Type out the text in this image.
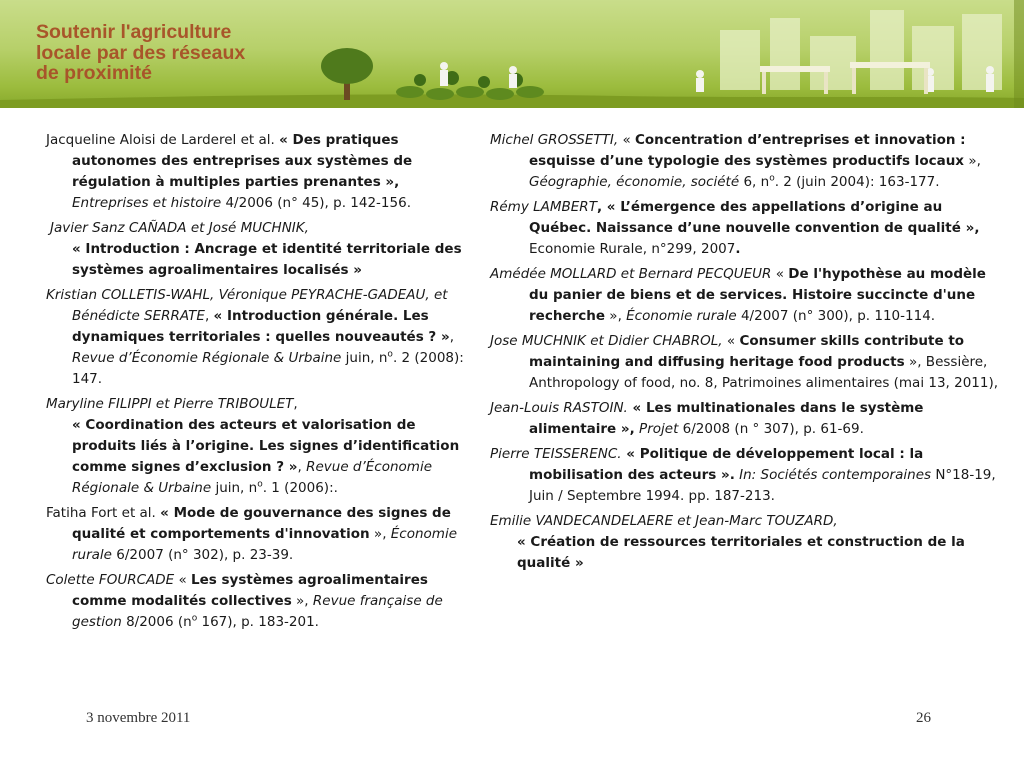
Soutenir l'agriculture
locale par des réseaux
de proximité

Jacqueline Aloisi de Larderel et al. « Des pratiques autonomes des entreprises aux systèmes de régulation à multiples parties prenantes », Entreprises et histoire 4/2006 (n° 45), p. 142-156.

Javier Sanz CAÑADA et José MUCHNIK,
« Introduction : Ancrage et identité territoriale des systèmes agroalimentaires localisés »

Kristian COLLETIS-WAHL, Véronique PEYRACHE-GADEAU, et Bénédicte SERRATE, « Introduction générale. Les dynamiques territoriales : quelles nouveautés ? », Revue d’Économie Régionale & Urbaine juin, $n^o$. 2 (2008): 147.

Maryline FILIPPI et Pierre TRIBOULET,
« Coordination des acteurs et valorisation de produits liés à l’origine. Les signes d’identification comme signes d’exclusion ? », Revue d’Économie Régionale & Urbaine juin, $n^o$. 1 (2006):.

Fatiha Fort et al. « Mode de gouvernance des signes de qualité et comportements d'innovation », Économie rurale 6/2007 (n° 302), p. 23-39.

Colette FOURCADE « Les systèmes agroalimentaires comme modalités collectives », Revue française de gestion 8/2006 ($n^o$ 167), p. 183-201.

Michel GROSSETTI, « Concentration d’entreprises et innovation : esquisse d’une typologie des systèmes productifs locaux », Géographie, économie, société 6, $n^o$. 2 (juin 2004): 163-177.

Rémy LAMBERT, « L’émergence des appellations d’origine au Québec. Naissance d’une nouvelle convention de qualité », Economie Rurale, n°299, 2007.

Amédée MOLLARD et Bernard PECQUEUR « De l'hypothèse au modèle du panier de biens et de services. Histoire succincte d'une recherche », Économie rurale 4/2007 (n° 300), p. 110-114.

Jose MUCHNIK et Didier CHABROL, « Consumer skills contribute to maintaining and diffusing heritage food products », Bessière, Anthropology of food, no. 8, Patrimoines alimentaires (mai 13, 2011),

Jean-Louis RASTOIN. « Les multinationales dans le système alimentaire », Projet 6/2008 (n ° 307), p. 61-69.

Pierre TEISSERENC. « Politique de développement local : la mobilisation des acteurs ». In: Sociétés contemporaines N°18-19, Juin / Septembre 1994. pp. 187-213.

Emilie VANDECANDELAERE et Jean-Marc TOUZARD,
« Création de ressources territoriales et construction de la qualité »

3 novembre 2011	26
